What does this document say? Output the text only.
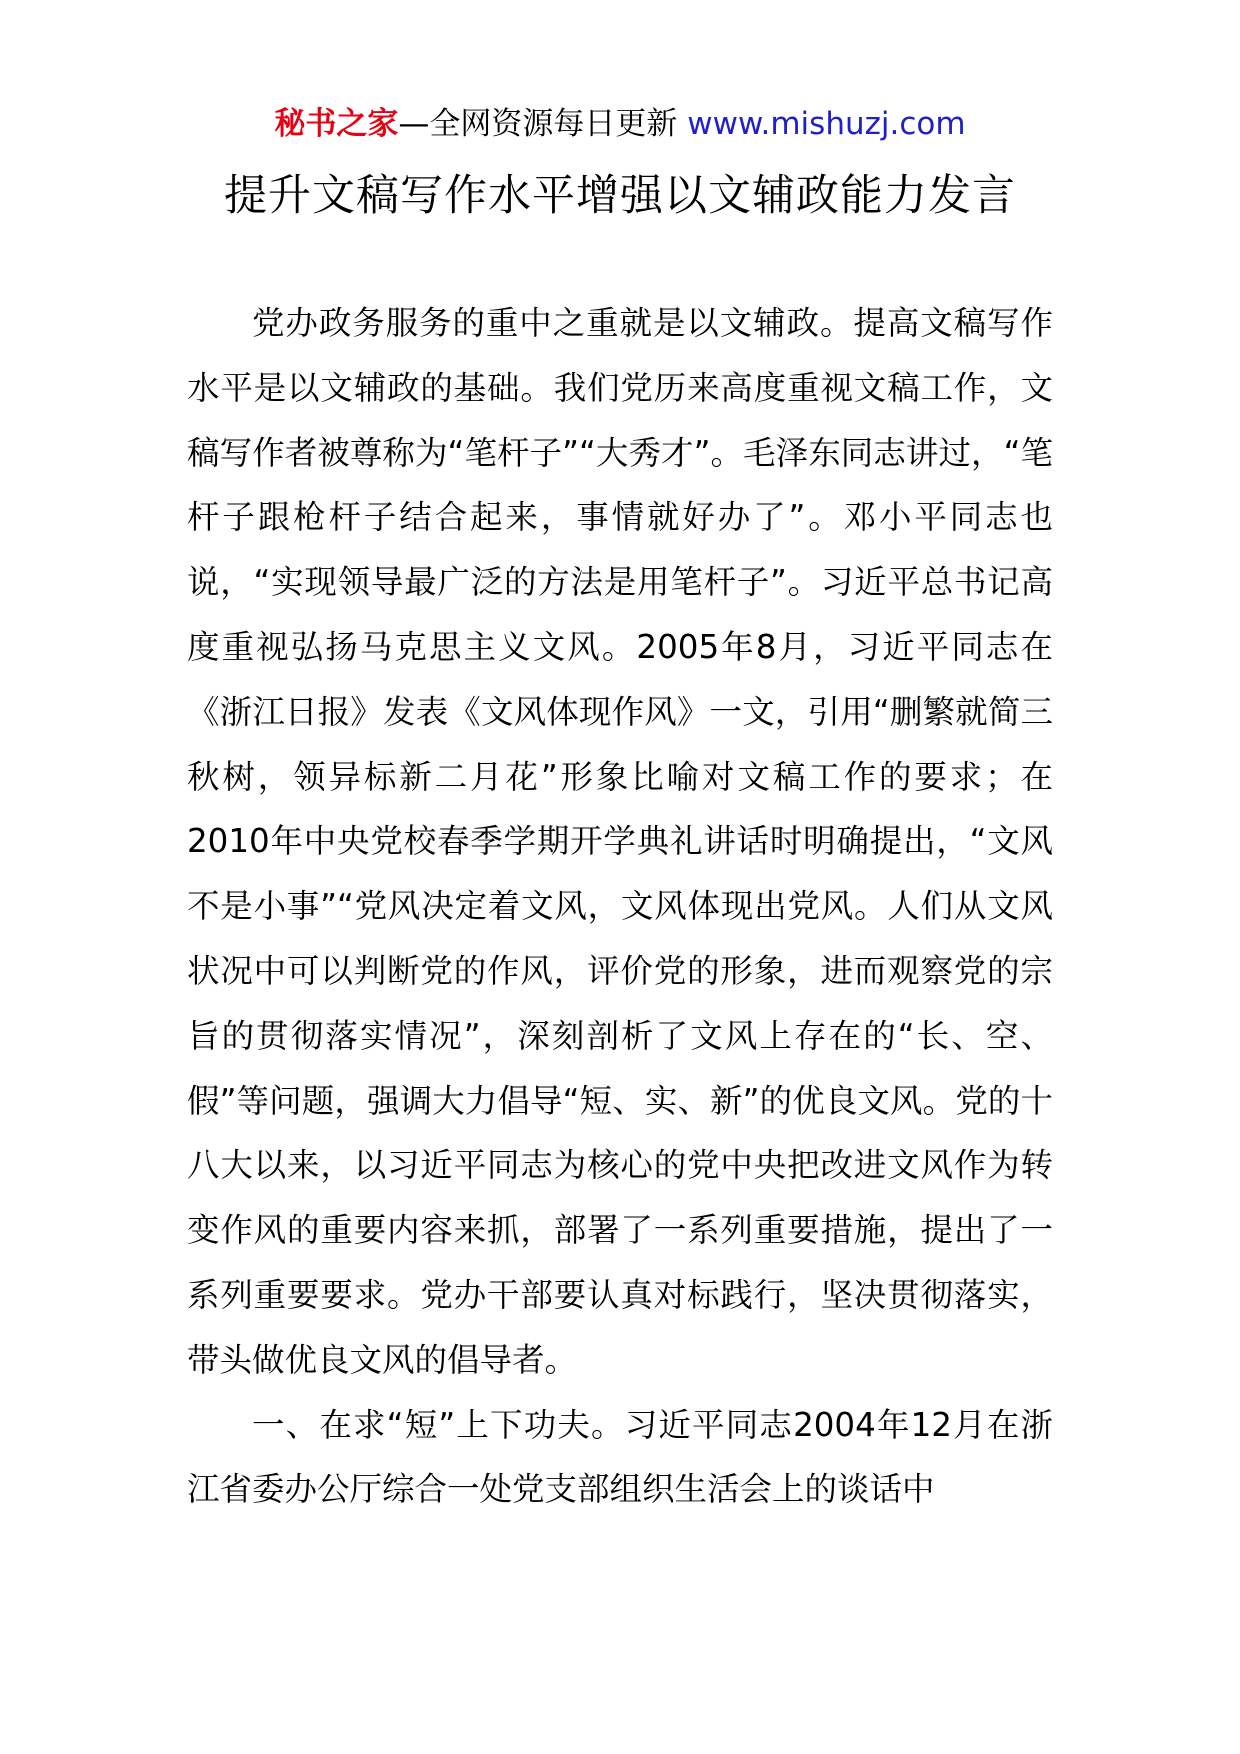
秘书之家—全网资源每日更新 www.mishuzj.com
提升文稿写作水平增强以文辅政能力发言

党办政务服务的重中之重就是以文辅政。提高文稿写作水平是以文辅政的基础。我们党历来高度重视文稿工作，文稿写作者被尊称为“笔杆子”“大秀才”。毛泽东同志讲过，“笔杆子跟枪杆子结合起来，事情就好办了”。邓小平同志也说，“实现领导最广泛的方法是用笔杆子”。习近平总书记高度重视弘扬马克思主义文风。2005年8月，习近平同志在《浙江日报》发表《文风体现作风》一文，引用“删繁就简三秋树，领异标新二月花”形象比喻对文稿工作的要求；在2010年中央党校春季学期开学典礼讲话时明确提出，“文风不是小事”“党风决定着文风，文风体现出党风。人们从文风状况中可以判断党的作风，评价党的形象，进而观察党的宗旨的贯彻落实情况”，深刻剖析了文风上存在的“长、空、假”等问题，强调大力倡导“短、实、新”的优良文风。党的十八大以来，以习近平同志为核心的党中央把改进文风作为转变作风的重要内容来抓，部署了一系列重要措施，提出了一系列重要要求。党办干部要认真对标践行，坚决贯彻落实，带头做优良文风的倡导者。

一、在求“短”上下功夫。习近平同志2004年12月在浙江省委办公厅综合一处党支部组织生活会上的谈话中
